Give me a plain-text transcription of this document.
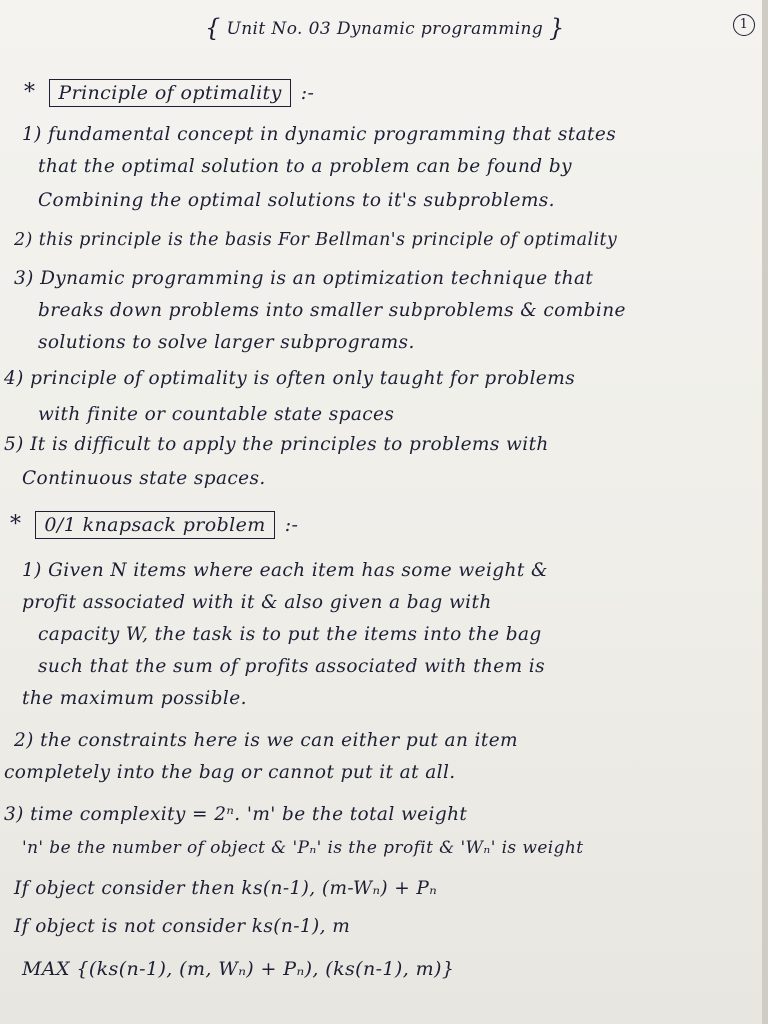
{ Unit No. 03 Dynamic programming }	1
* Principle of optimality :-
1) fundamental concept in dynamic programming that states
that the optimal solution to a problem can be found by
Combining the optimal solutions to it's subproblems.
2) this principle is the basis For Bellman's principle of optimality
3) Dynamic programming is an optimization technique that
breaks down problems into smaller subproblems & combine
solutions to solve larger subprograms.
4) principle of optimality is often only taught for problems
with finite or countable state spaces
5) It is difficult to apply the principles to problems with
Continuous state spaces.
* 0/1 knapsack problem :-
1) Given N items where each item has some weight &
profit associated with it & also given a bag with
capacity W, the task is to put the items into the bag
such that the sum of profits associated with them is
the maximum possible.
2) the constraints here is we can either put an item
completely into the bag or cannot put it at all.
3) time complexity = 2ⁿ. 'm' be the total weight
'n' be the number of object & 'Pₙ' is the profit & 'Wₙ' is weight
If object consider then ks(n-1), (m-Wₙ) + Pₙ
If object is not consider ks(n-1), m
MAX {(ks(n-1), (m, Wₙ) + Pₙ), (ks(n-1), m)}
